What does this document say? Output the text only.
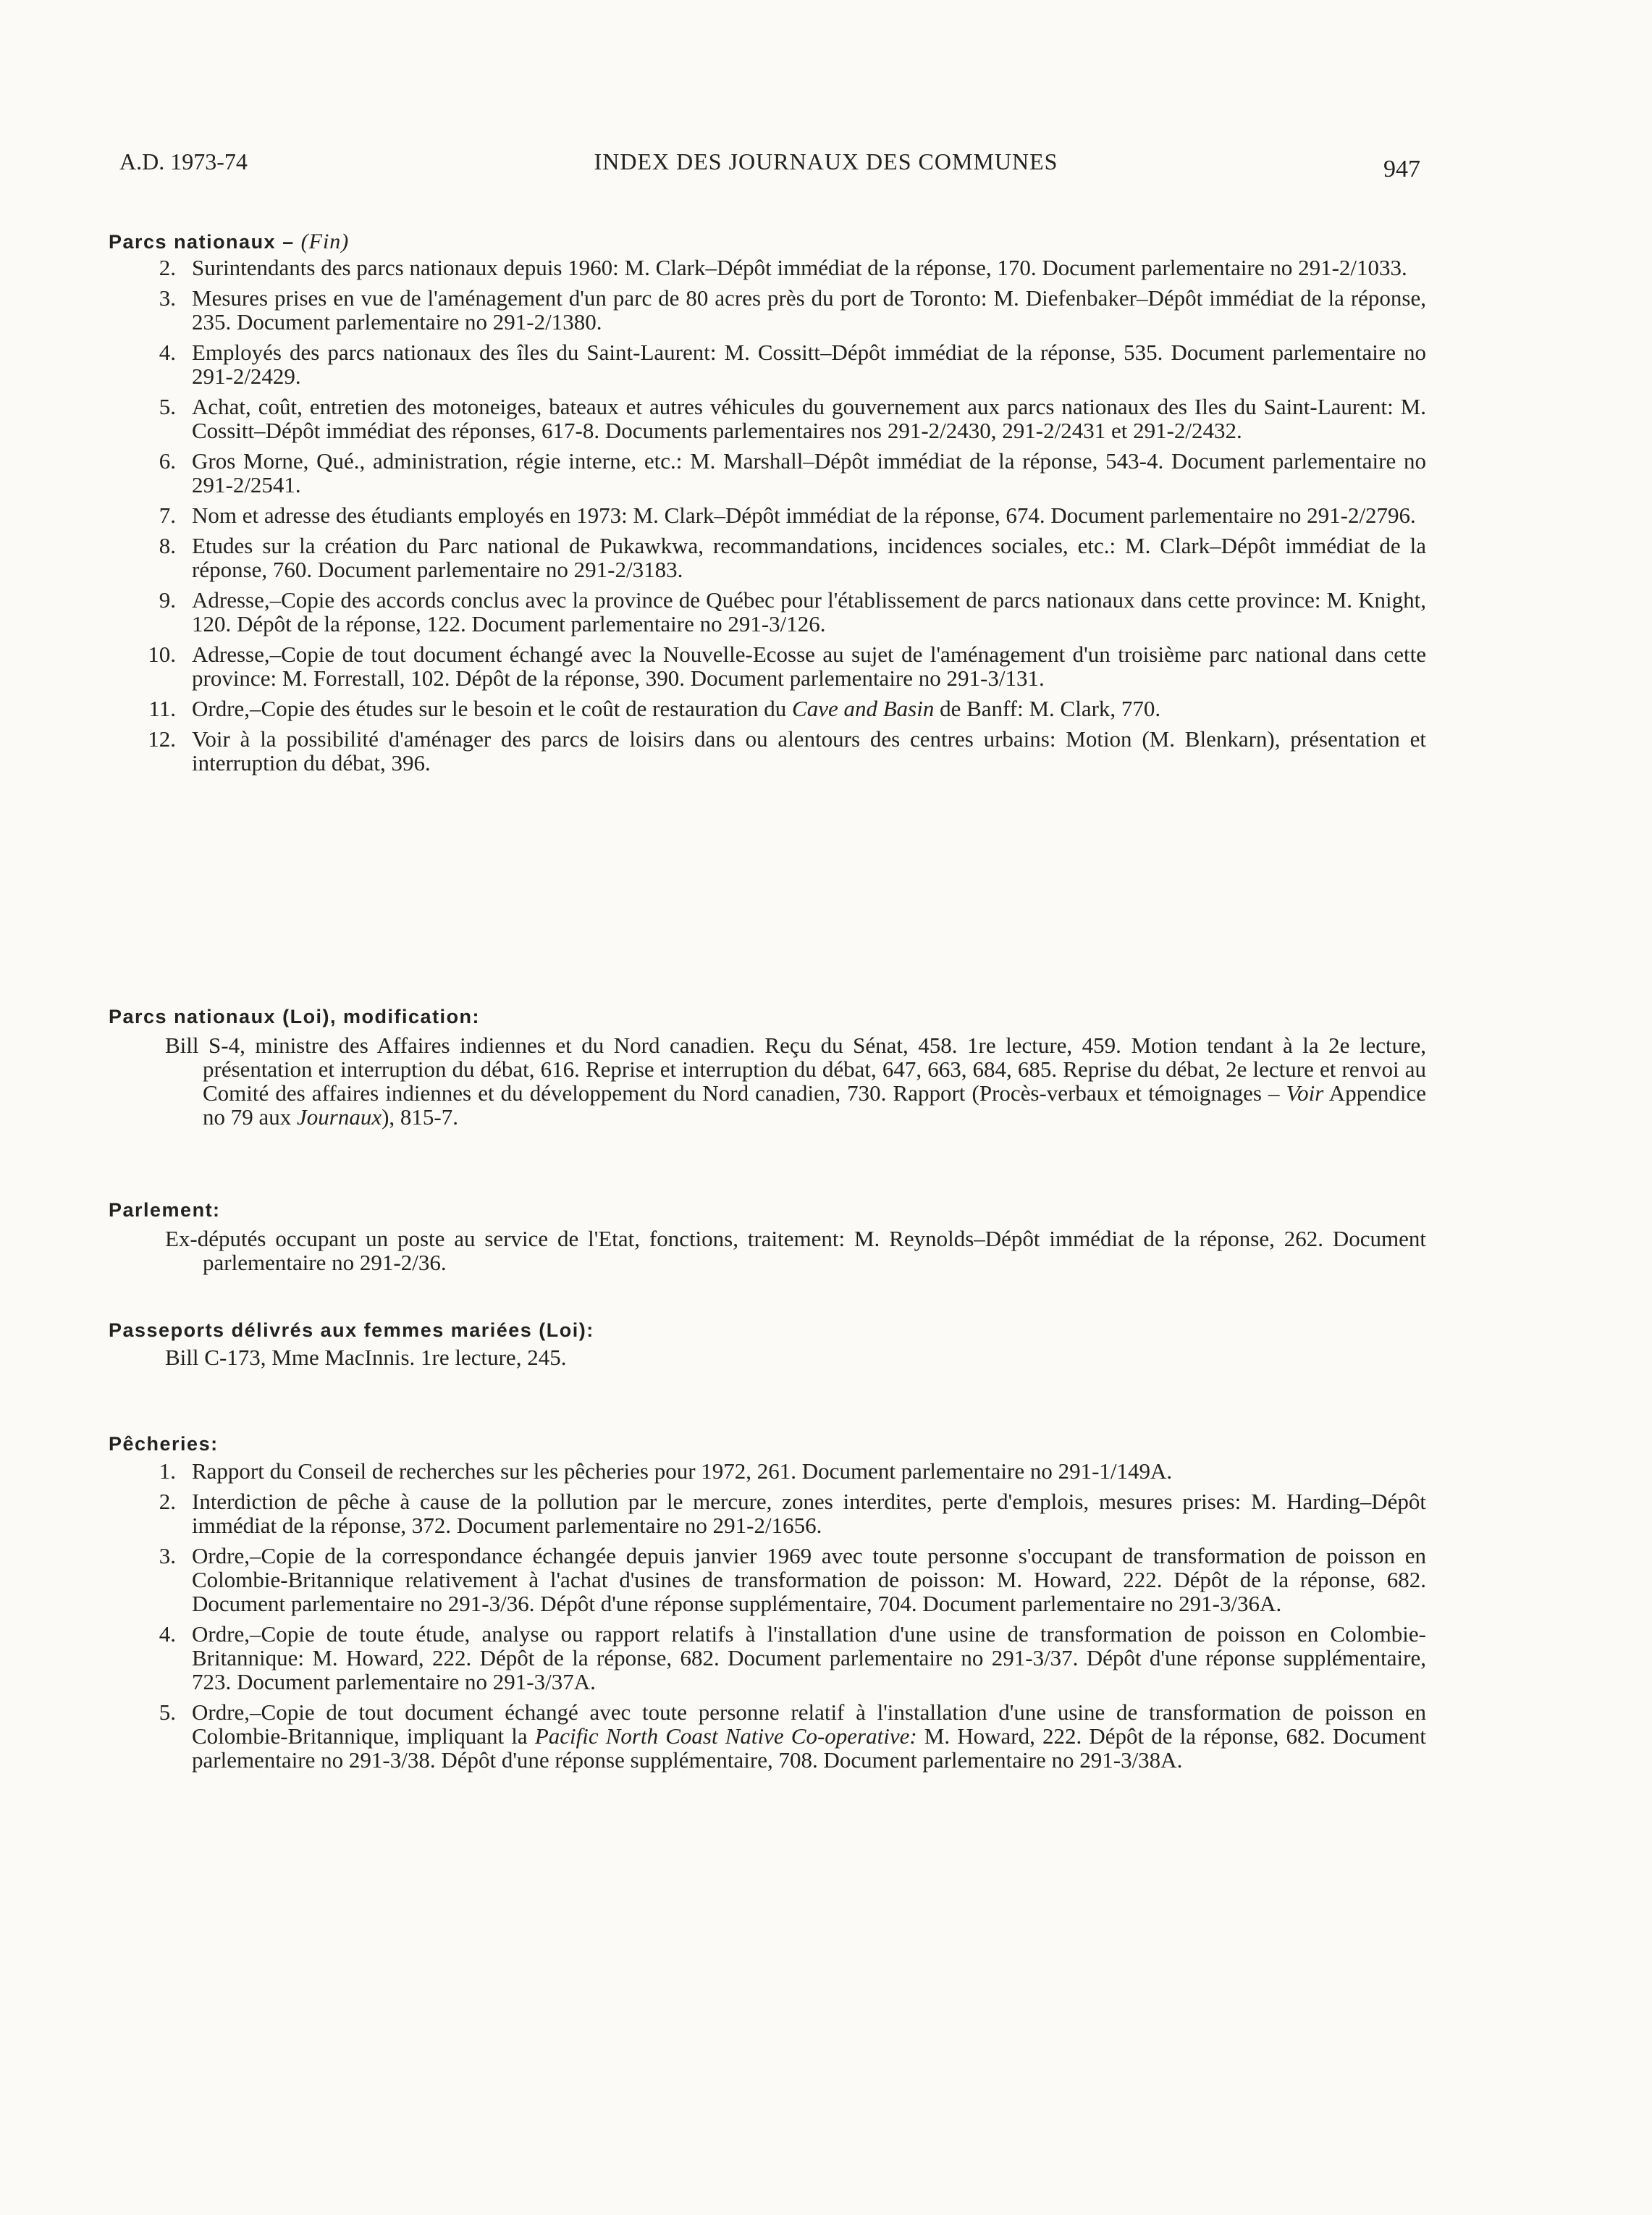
A.D. 1973-74	INDEX DES JOURNAUX DES COMMUNES	947

Parcs nationaux – (Fin)

2. Surintendants des parcs nationaux depuis 1960: M. Clark–Dépôt immédiat de la réponse, 170. Document parlementaire no 291-2/1033.
3. Mesures prises en vue de l'aménagement d'un parc de 80 acres près du port de Toronto: M. Diefenbaker–Dépôt immédiat de la réponse, 235. Document parlementaire no 291-2/1380.
4. Employés des parcs nationaux des îles du Saint-Laurent: M. Cossitt–Dépôt immédiat de la réponse, 535. Document parlementaire no 291-2/2429.
5. Achat, coût, entretien des motoneiges, bateaux et autres véhicules du gouvernement aux parcs nationaux des Iles du Saint-Laurent: M. Cossitt–Dépôt immédiat des réponses, 617-8. Documents parlementaires nos 291-2/2430, 291-2/2431 et 291-2/2432.
6. Gros Morne, Qué., administration, régie interne, etc.: M. Marshall–Dépôt immédiat de la réponse, 543-4. Document parlementaire no 291-2/2541.
7. Nom et adresse des étudiants employés en 1973: M. Clark–Dépôt immédiat de la réponse, 674. Document parlementaire no 291-2/2796.
8. Etudes sur la création du Parc national de Pukawkwa, recommandations, incidences sociales, etc.: M. Clark–Dépôt immédiat de la réponse, 760. Document parlementaire no 291-2/3183.
9. Adresse,–Copie des accords conclus avec la province de Québec pour l'établissement de parcs nationaux dans cette province: M. Knight, 120. Dépôt de la réponse, 122. Document parlementaire no 291-3/126.
10. Adresse,–Copie de tout document échangé avec la Nouvelle-Ecosse au sujet de l'aménagement d'un troisième parc national dans cette province: M. Forrestall, 102. Dépôt de la réponse, 390. Document parlementaire no 291-3/131.
11. Ordre,–Copie des études sur le besoin et le coût de restauration du Cave and Basin de Banff: M. Clark, 770.
12. Voir à la possibilité d'aménager des parcs de loisirs dans ou alentours des centres urbains: Motion (M. Blenkarn), présentation et interruption du débat, 396.

Parcs nationaux (Loi), modification:

Bill S-4, ministre des Affaires indiennes et du Nord canadien. Reçu du Sénat, 458. 1re lecture, 459. Motion tendant à la 2e lecture, présentation et interruption du débat, 616. Reprise et interruption du débat, 647, 663, 684, 685. Reprise du débat, 2e lecture et renvoi au Comité des affaires indiennes et du développement du Nord canadien, 730. Rapport (Procès-verbaux et témoignages – Voir Appendice no 79 aux Journaux), 815-7.

Parlement:

Ex-députés occupant un poste au service de l'Etat, fonctions, traitement: M. Reynolds–Dépôt immédiat de la réponse, 262. Document parlementaire no 291-2/36.

Passeports délivrés aux femmes mariées (Loi):

Bill C-173, Mme MacInnis. 1re lecture, 245.

Pêcheries:

1. Rapport du Conseil de recherches sur les pêcheries pour 1972, 261. Document parlementaire no 291-1/149A.
2. Interdiction de pêche à cause de la pollution par le mercure, zones interdites, perte d'emplois, mesures prises: M. Harding–Dépôt immédiat de la réponse, 372. Document parlementaire no 291-2/1656.
3. Ordre,–Copie de la correspondance échangée depuis janvier 1969 avec toute personne s'occupant de transformation de poisson en Colombie-Britannique relativement à l'achat d'usines de transformation de poisson: M. Howard, 222. Dépôt de la réponse, 682. Document parlementaire no 291-3/36. Dépôt d'une réponse supplémentaire, 704. Document parlementaire no 291-3/36A.
4. Ordre,–Copie de toute étude, analyse ou rapport relatifs à l'installation d'une usine de transformation de poisson en Colombie-Britannique: M. Howard, 222. Dépôt de la réponse, 682. Document parlementaire no 291-3/37. Dépôt d'une réponse supplémentaire, 723. Document parlementaire no 291-3/37A.
5. Ordre,–Copie de tout document échangé avec toute personne relatif à l'installation d'une usine de transformation de poisson en Colombie-Britannique, impliquant la Pacific North Coast Native Co-operative: M. Howard, 222. Dépôt de la réponse, 682. Document parlementaire no 291-3/38. Dépôt d'une réponse supplémentaire, 708. Document parlementaire no 291-3/38A.
